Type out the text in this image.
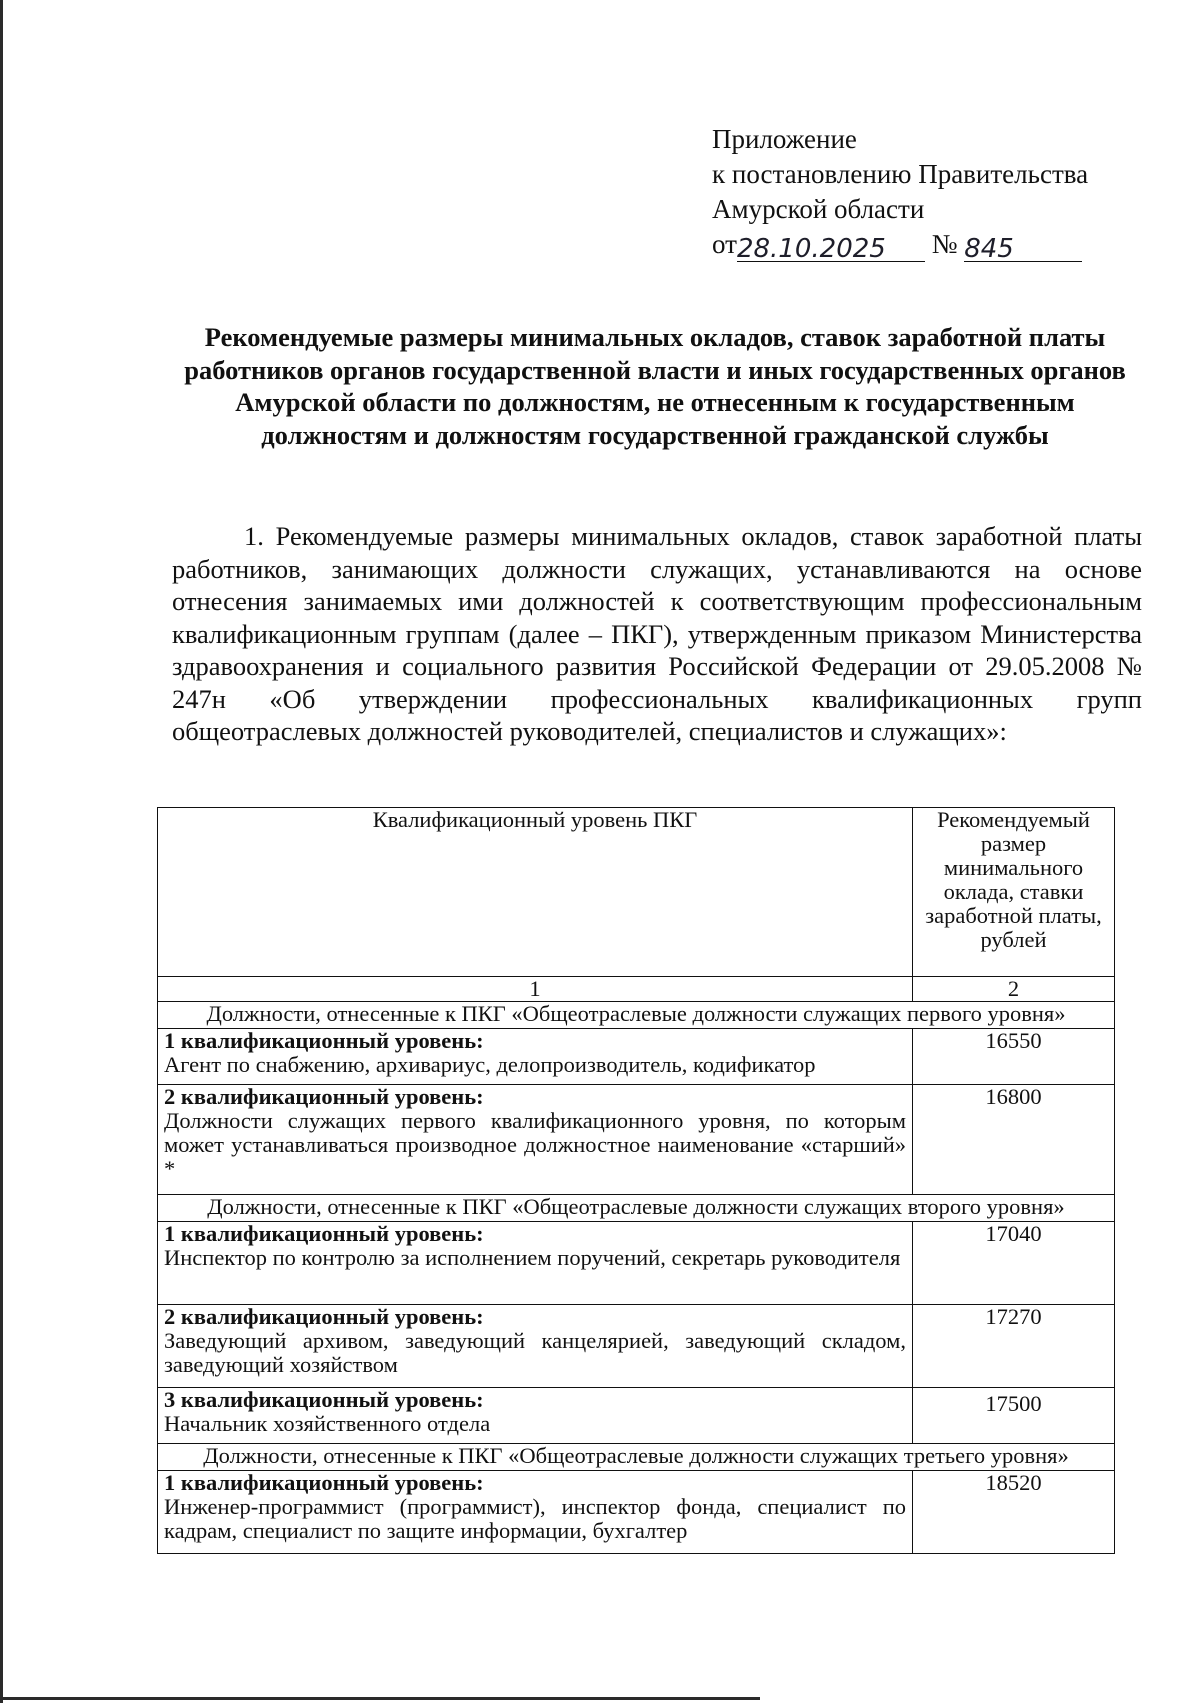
Приложение
к постановлению Правительства
Амурской области
от28.10.2025 № 845
Рекомендуемые размеры минимальных окладов, ставок заработной платы работников органов государственной власти и иных государственных органов Амурской области по должностям, не отнесенным к государственным должностям и должностям государственной гражданской службы
1. Рекомендуемые размеры минимальных окладов, ставок заработной платы работников, занимающих должности служащих, устанавливаются на основе отнесения занимаемых ими должностей к соответствующим профессиональным квалификационным группам (далее – ПКГ), утвержденным приказом Министерства здравоохранения и социального развития Российской Федерации от 29.05.2008 № 247н «Об утверждении профессиональных квалификационных групп общеотраслевых должностей руководителей, специалистов и служащих»:
Квалификационный уровень ПКГ	Рекомендуемый размер минимального оклада, ставки заработной платы, рублей
1	2
Должности, отнесенные к ПКГ «Общеотраслевые должности служащих первого уровня»	

1 квалификационный уровень:
Агент по снабжению, архивариус, делопроизводитель, кодификатор	16550

2 квалификационный уровень:
Должности служащих первого квалификационного уровня, по которым может устанавливаться производное должностное наименование «старший» *	16800
Должности, отнесенные к ПКГ «Общеотраслевые должности служащих второго уровня»	

1 квалификационный уровень:
Инспектор по контролю за исполнением поручений, секретарь руководителя	17040

2 квалификационный уровень:
Заведующий архивом, заведующий канцелярией, заведующий складом, заведующий хозяйством	17270

3 квалификационный уровень:
Начальник хозяйственного отдела	17500
Должности, отнесенные к ПКГ «Общеотраслевые должности служащих третьего уровня»	

1 квалификационный уровень:
Инженер-программист (программист), инспектор фонда, специалист по кадрам, специалист по защите информации, бухгалтер	18520
